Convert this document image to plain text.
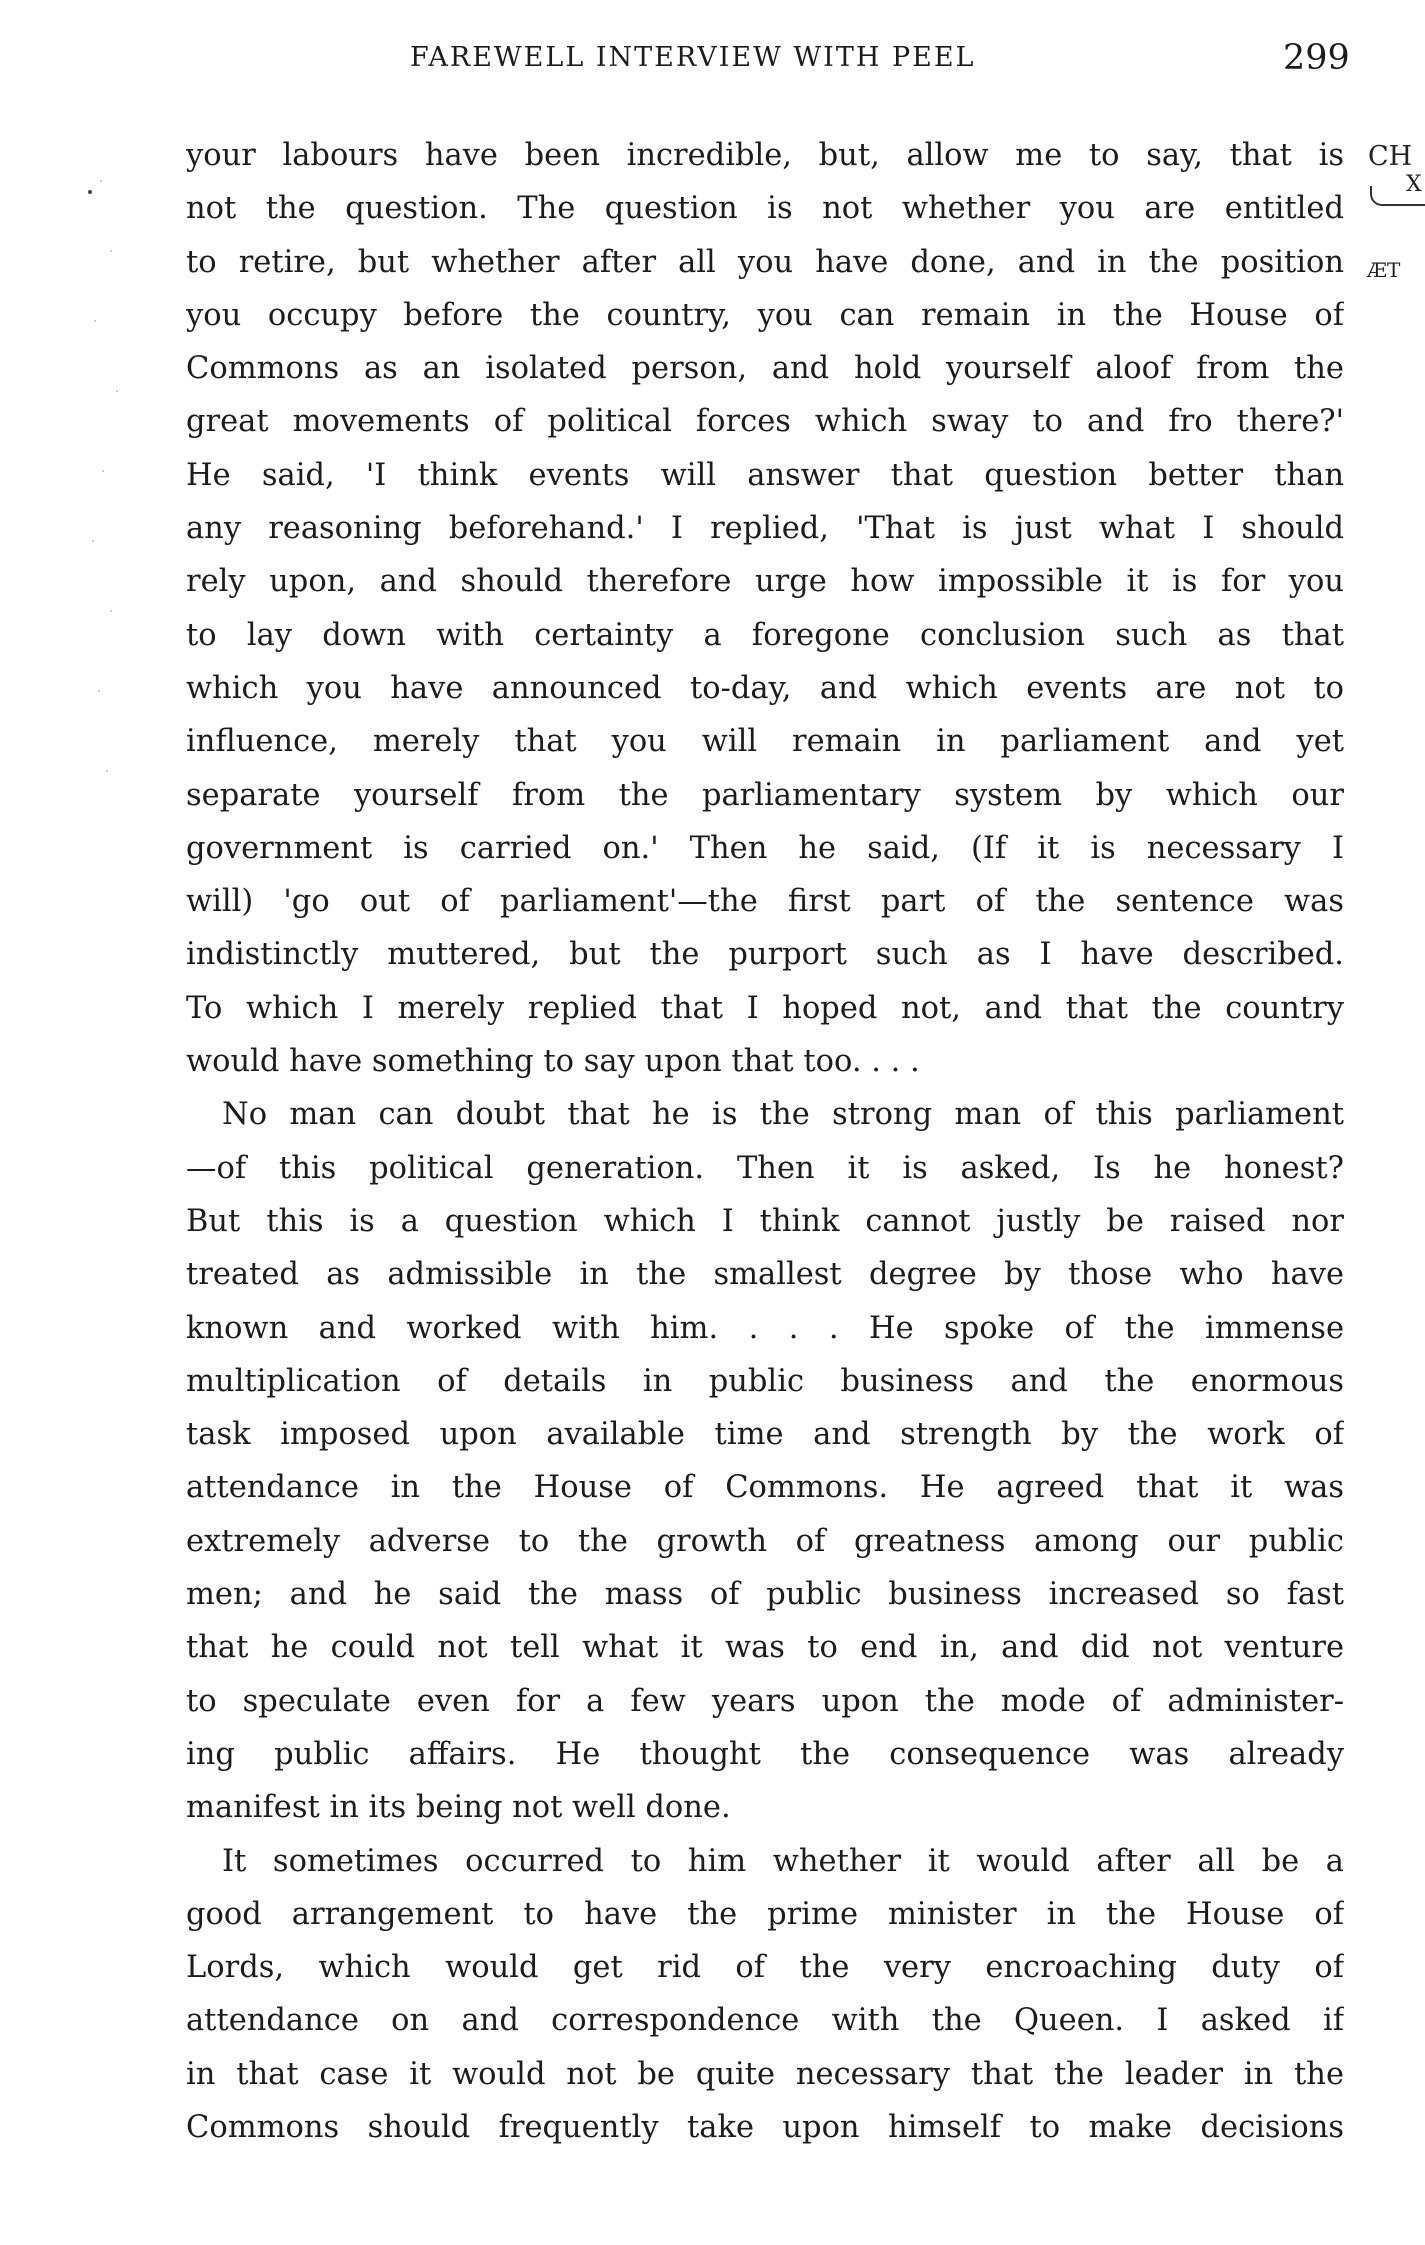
FAREWELL INTERVIEW WITH PEEL	299
your labours have been incredible, but, allow me to say, that is
not the question. The question is not whether you are entitled
to retire, but whether after all you have done, and in the position
you occupy before the country, you can remain in the House of
Commons as an isolated person, and hold yourself aloof from the
great movements of political forces which sway to and fro there?'
He said, 'I think events will answer that question better than
any reasoning beforehand.' I replied, 'That is just what I should
rely upon, and should therefore urge how impossible it is for you
to lay down with certainty a foregone conclusion such as that
which you have announced to-day, and which events are not to
influence, merely that you will remain in parliament and yet
separate yourself from the parliamentary system by which our
government is carried on.' Then he said, (If it is necessary I
will) 'go out of parliament'—the first part of the sentence was
indistinctly muttered, but the purport such as I have described.
To which I merely replied that I hoped not, and that the country
would have something to say upon that too. . . .
No man can doubt that he is the strong man of this parliament
—of this political generation. Then it is asked, Is he honest?
But this is a question which I think cannot justly be raised nor
treated as admissible in the smallest degree by those who have
known and worked with him. . . . He spoke of the immense
multiplication of details in public business and the enormous
task imposed upon available time and strength by the work of
attendance in the House of Commons. He agreed that it was
extremely adverse to the growth of greatness among our public
men; and he said the mass of public business increased so fast
that he could not tell what it was to end in, and did not venture
to speculate even for a few years upon the mode of administer-
ing public affairs. He thought the consequence was already
manifest in its being not well done.
It sometimes occurred to him whether it would after all be a
good arrangement to have the prime minister in the House of
Lords, which would get rid of the very encroaching duty of
attendance on and correspondence with the Queen. I asked if
in that case it would not be quite necessary that the leader in the
Commons should frequently take upon himself to make decisions
CH
X
ÆT
